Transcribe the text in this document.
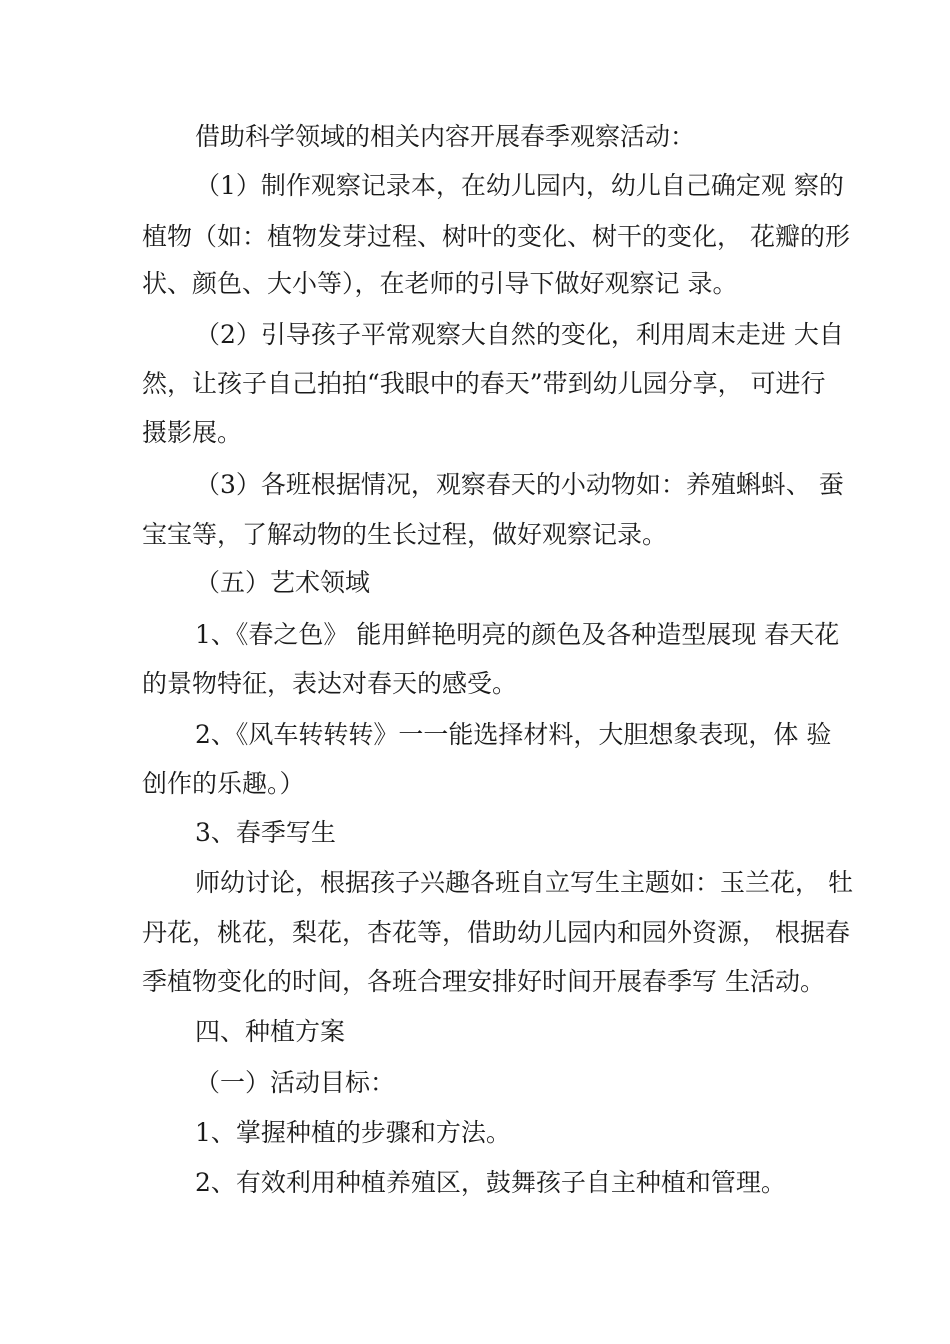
借助科学领域的相关内容开展春季观察活动：
（1）制作观察记录本，在幼儿园内，幼儿自己确定观 察的
植物（如：植物发芽过程、树叶的变化、树干的变化， 花瓣的形
状、颜色、大小等），在老师的引导下做好观察记 录。
（2）引导孩子平常观察大自然的变化，利用周末走进 大自
然，让孩子自己拍拍“我眼中的春天”带到幼儿园分享， 可进行
摄影展。
（3）各班根据情况，观察春天的小动物如：养殖蝌蚪、 蚕
宝宝等，了解动物的生长过程，做好观察记录。
（五）艺术领域
1、《春之色》 能用鲜艳明亮的颜色及各种造型展现 春天花
的景物特征，表达对春天的感受。
2、《风车转转转》一一能选择材料，大胆想象表现，体 验
创作的乐趣。）
3、春季写生
师幼讨论，根据孩子兴趣各班自立写生主题如：玉兰花， 牡
丹花，桃花，梨花，杏花等，借助幼儿园内和园外资源， 根据春
季植物变化的时间，各班合理安排好时间开展春季写 生活动。
四、种植方案
（一）活动目标：
1、掌握种植的步骤和方法。
2、有效利用种植养殖区，鼓舞孩子自主种植和管理。
